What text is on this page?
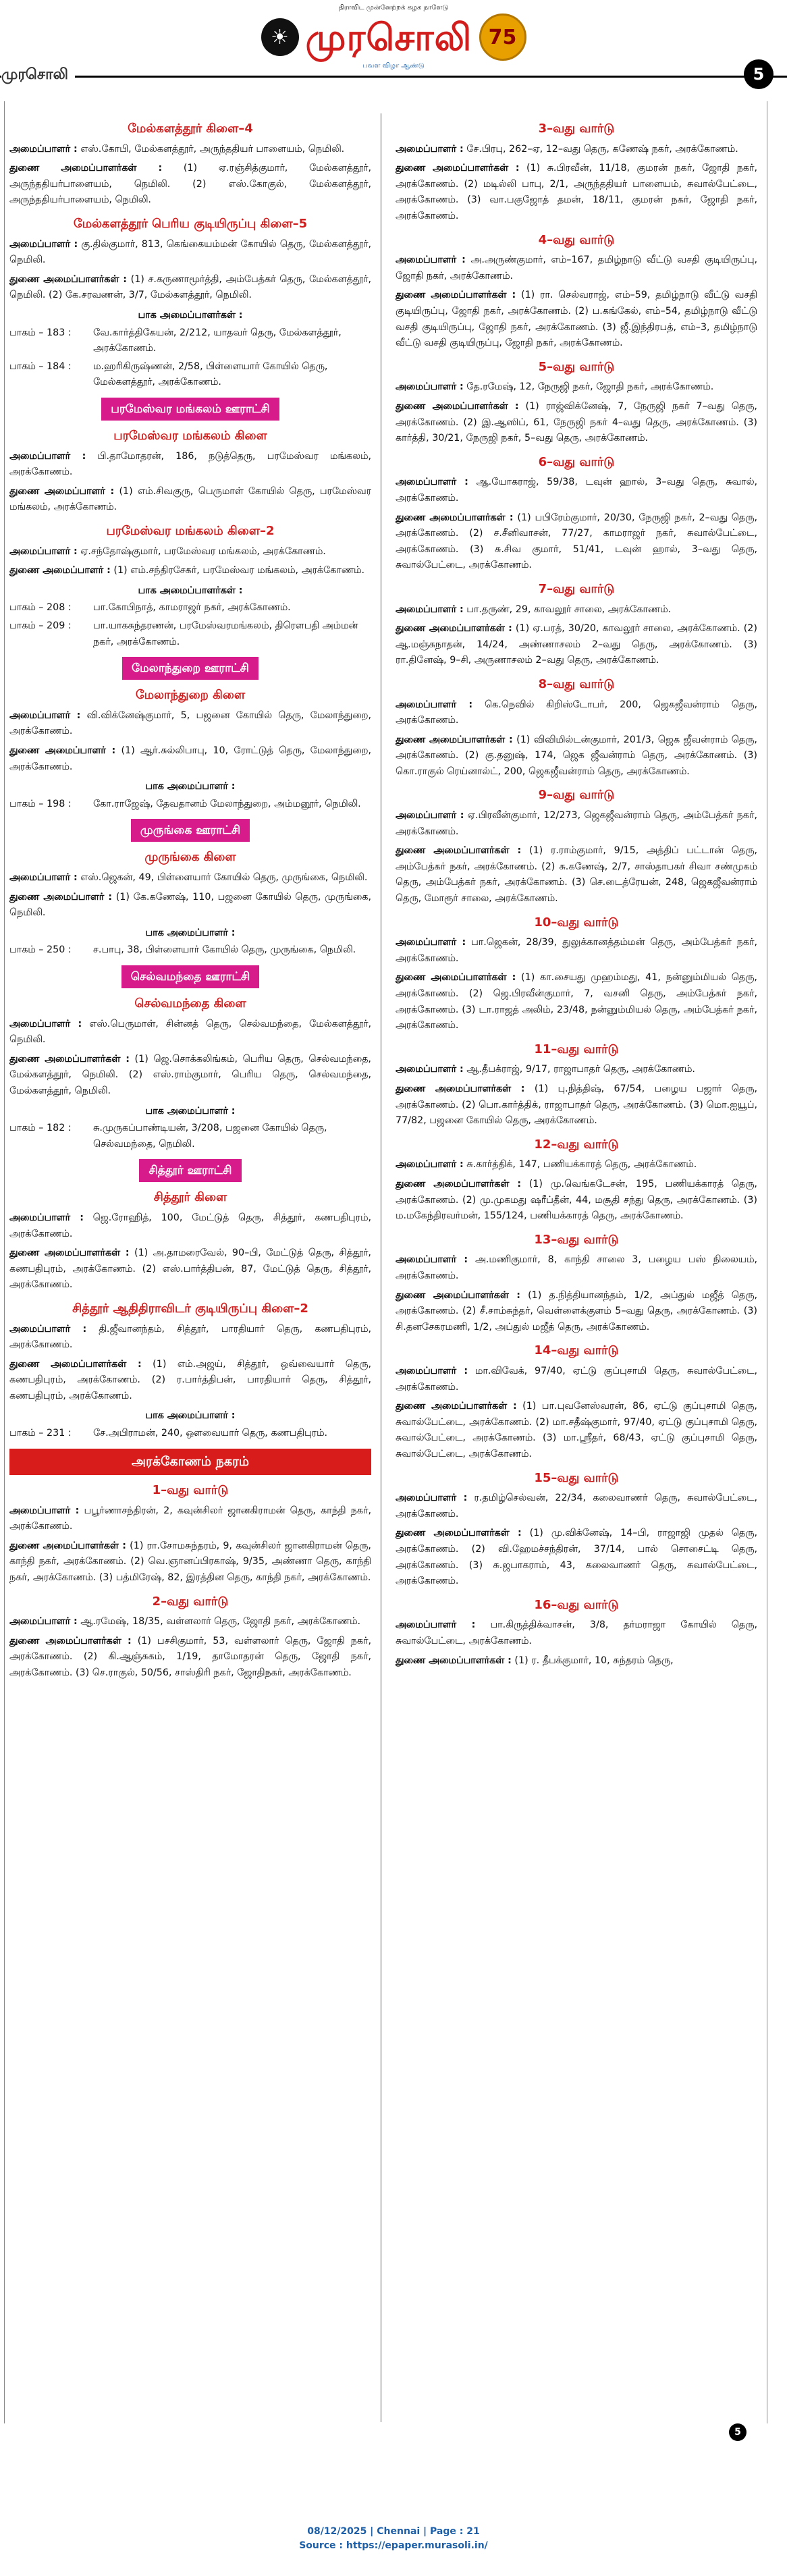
திராவிட முன்னேற்றக் கழக நாளேடு
☀ முரசொலி 75
பவள விழா ஆண்டு
முரசொலி	5
மேல்களத்தூர் கிளை–4
அமைப்பாளர் : எஸ்.கோபி, மேல்களத்தூர், அருந்ததியர் பாளையம், நெமிலி.
துணை அமைப்பாளர்கள் : (1) ஏ.ரஞ்சித்குமார், மேல்களத்தூர், அருந்ததியர்பாளையம், நெமிலி. (2) எஸ்.கோகுல், மேல்களத்தூர், அருந்ததியர்பாளையம், நெமிலி.
மேல்களத்தூர் பெரிய குடியிருப்பு கிளை–5
அமைப்பாளர் : கு.தில்குமார், 813, கெங்கையம்மன் கோயில் தெரு, மேல்களத்தூர், நெமிலி.
துணை அமைப்பாளர்கள் : (1) ச.கருணாமூர்த்தி, அம்பேத்கர் தெரு, மேல்களத்தூர், நெமிலி. (2) கே.சரவணன், 3/7, மேல்களத்தூர், நெமிலி.
பாக அமைப்பாளர்கள் :
பாகம் – 183 :	வே.கார்த்திகேயன், 2/212, யாதவர் தெரு, மேல்களத்தூர், அரக்கோணம்.
பாகம் – 184 :	ம.ஹரிகிருஷ்ணன், 2/58, பிள்ளையார் கோயில் தெரு, மேல்களத்தூர், அரக்கோணம்.
பரமேஸ்வர மங்கலம் ஊராட்சி
பரமேஸ்வர மங்கலம் கிளை
அமைப்பாளர் : பி.தாமோதரன், 186, நடுத்தெரு, பரமேஸ்வர மங்கலம், அரக்கோணம்.
துணை அமைப்பாளர் : (1) எம்.சிவகுரு, பெருமாள் கோயில் தெரு, பரமேஸ்வர மங்கலம், அரக்கோணம்.
பரமேஸ்வர மங்கலம் கிளை–2
அமைப்பாளர் : ஏ.சந்தோஷ்குமார், பரமேஸ்வர மங்கலம், அரக்கோணம்.
துணை அமைப்பாளர் : (1) எம்.சந்திரசேகர், பரமேஸ்வர மங்கலம், அரக்கோணம்.
பாக அமைப்பாளர்கள் :
பாகம் – 208 :	பா.கோபிநாத், காமராஜர் நகர், அரக்கோணம்.
பாகம் – 209 :	பா.யாகசுந்தரணன், பரமேஸ்வரமங்கலம், திரௌபதி அம்மன் நகர், அரக்கோணம்.
மேலாந்துறை ஊராட்சி
மேலாந்துறை கிளை
அமைப்பாளர் : வி.விக்னேஷ்குமார், 5, பஜனை கோயில் தெரு, மேலாந்துறை, அரக்கோணம்.
துணை அமைப்பாளர் : (1) ஆர்.சுல்லிபாபு, 10, ரோட்டுத் தெரு, மேலாந்துறை, அரக்கோணம்.
பாக அமைப்பாளர் :
பாகம் – 198 :	கோ.ராஜேஷ், தேவதானம் மேலாந்துறை, அம்மனூர், நெமிலி.
முருங்கை ஊராட்சி
முருங்கை கிளை
அமைப்பாளர் : எஸ்.ஜெகன், 49, பிள்ளையார் கோயில் தெரு, முருங்கை, நெமிலி.
துணை அமைப்பாளர் : (1) கே.கணேஷ், 110, பஜனை கோயில் தெரு, முருங்கை, நெமிலி.
பாக அமைப்பாளர் :
பாகம் – 250 :	ச.பாபு, 38, பிள்ளையார் கோயில் தெரு, முருங்கை, நெமிலி.
செல்வமந்தை ஊராட்சி
செல்வமந்தை கிளை
அமைப்பாளர் : எஸ்.பெருமாள், சின்னத் தெரு, செல்வமந்தை, மேல்களத்தூர், நெமிலி.
துணை அமைப்பாளர்கள் : (1) ஜெ.சொக்கலிங்கம், பெரிய தெரு, செல்வமந்தை, மேல்களத்தூர், நெமிலி. (2) எஸ்.ராம்குமார், பெரிய தெரு, செல்வமந்தை, மேல்களத்தூர், நெமிலி.
பாக அமைப்பாளர் :
பாகம் – 182 :	சு.முருகப்பாண்டியன், 3/208, பஜனை கோயில் தெரு, செல்வமந்தை, நெமிலி.
சித்தூர் ஊராட்சி
சித்தூர் கிளை
அமைப்பாளர் : ஜெ.ரோஹித், 100, மேட்டுத் தெரு, சித்தூர், கணபதிபுரம், அரக்கோணம்.
துணை அமைப்பாளர்கள் : (1) அ.தாமரைவேல், 90–பி, மேட்டுத் தெரு, சித்தூர், கணபதிபுரம், அரக்கோணம். (2) எஸ்.பார்த்திபன், 87, மேட்டுத் தெரு, சித்தூர், அரக்கோணம்.
சித்தூர் ஆதிதிராவிடர் குடியிருப்பு கிளை–2
அமைப்பாளர் : தி.ஜீவானந்தம், சித்தூர், பாரதியார் தெரு, கணபதிபுரம், அரக்கோணம்.
துணை அமைப்பாளர்கள் : (1) எம்.அஜய், சித்தூர், ஒவ்வையார் தெரு, கணபதிபுரம், அரக்கோணம். (2) ர.பார்த்திபன், பாரதியார் தெரு, சித்தூர், கணபதிபுரம், அரக்கோணம்.
பாக அமைப்பாளர் :
பாகம் – 231 :	சே.அபிராமன், 240, ஔவையார் தெரு, கணபதிபுரம்.
அரக்கோணம் நகரம்
1–வது வார்டு
அமைப்பாளர் : பபூர்ணாசந்திரன், 2, கவுன்சிலர் ஜானகிராமன் தெரு, காந்தி நகர், அரக்கோணம்.
துணை அமைப்பாளர்கள் : (1) ரா.சோமசுந்தரம், 9, கவுன்சிலர் ஜானகிராமன் தெரு, காந்தி நகர், அரக்கோணம். (2) வெ.ஞானப்பிரகாஷ், 9/35, அண்ணா தெரு, காந்தி நகர், அரக்கோணம். (3) பத்மிரேஷ், 82, இரத்தின தெரு, காந்தி நகர், அரக்கோணம்.
2–வது வார்டு
அமைப்பாளர் : ஆ.ரமேஷ், 18/35, வள்ளலார் தெரு, ஜோதி நகர், அரக்கோணம்.
துணை அமைப்பாளர்கள் : (1) பசசிகுமார், 53, வள்ளலார் தெரு, ஜோதி நகர், அரக்கோணம். (2) கி.ஆஞ்சுகம், 1/19, தாமோதரன் தெரு, ஜோதி நகர், அரக்கோணம். (3) செ.ராகுல், 50/56, சாஸ்திரி நகர், ஜோதிநகர், அரக்கோணம்.
3–வது வார்டு
அமைப்பாளர் : சே.பிரபு, 262–ஏ, 12–வது தெரு, கணேஷ் நகர், அரக்கோணம்.
துணை அமைப்பாளர்கள் : (1) சு.பிரவீன், 11/18, குமரன் நகர், ஜோதி நகர், அரக்கோணம். (2) மடில்லி பாபு, 2/1, அருந்ததியர் பாளையம், சுவால்பேட்டை, அரக்கோணம். (3) வா.பகுஜோத் தமன், 18/11, குமரன் நகர், ஜோதி நகர், அரக்கோணம்.
4–வது வார்டு
அமைப்பாளர் : அ.அருண்குமார், எம்–167, தமிழ்நாடு வீட்டு வசதி குடியிருப்பு, ஜோதி நகர், அரக்கோணம்.
துணை அமைப்பாளர்கள் : (1) ரா. செல்வராஜ், எம்–59, தமிழ்நாடு வீட்டு வசதி குடியிருப்பு, ஜோதி நகர், அரக்கோணம். (2) ப.கங்கேல், எம்–54, தமிழ்நாடு வீட்டு வசதி குடியிருப்பு, ஜோதி நகர், அரக்கோணம். (3) ஜீ.இந்திரபத், எம்–3, தமிழ்நாடு வீட்டு வசதி குடியிருப்பு, ஜோதி நகர், அரக்கோணம்.
5–வது வார்டு
அமைப்பாளர் : தே.ரமேஷ், 12, நேருஜி நகர், ஜோதி நகர், அரக்கோணம்.
துணை அமைப்பாளர்கள் : (1) ராஜ்விக்னேஷ், 7, நேருஜி நகர் 7–வது தெரு, அரக்கோணம். (2) இ.ஆஸிப், 61, நேருஜி நகர் 4–வது தெரு, அரக்கோணம். (3) கார்த்தி, 30/21, நேருஜி நகர், 5–வது தெரு, அரக்கோணம்.
6–வது வார்டு
அமைப்பாளர் : ஆ.யோகராஜ், 59/38, டவுன் ஹால், 3–வது தெரு, சுவால், அரக்கோணம்.
துணை அமைப்பாளர்கள் : (1) பபிரேம்குமார், 20/30, நேருஜி நகர், 2–வது தெரு, அரக்கோணம். (2) ச.சீனிவாசன், 77/27, காமராஜர் நகர், சுவால்பேட்டை, அரக்கோணம். (3) சு.சிவ குமார், 51/41, டவுன் ஹால், 3–வது தெரு, சுவால்பேட்டை, அரக்கோணம்.
7–வது வார்டு
அமைப்பாளர் : பா.தருண், 29, காவலூர் சாலை, அரக்கோணம்.
துணை அமைப்பாளர்கள் : (1) ஏ.பரத், 30/20, காவலூர் சாலை, அரக்கோணம். (2) ஆ.மஞ்சுநாதன், 14/24, அண்ணாசலம் 2–வது தெரு, அரக்கோணம். (3) ரா.தினேஷ், 9–சி, அருணாசலம் 2–வது தெரு, அரக்கோணம்.
8–வது வார்டு
அமைப்பாளர் : கெ.நெவில் கிறிஸ்டோபர், 200, ஜெகஜீவன்ராம் தெரு, அரக்கோணம்.
துணை அமைப்பாளர்கள் : (1) விவிமில்டன்குமார், 201/3, ஜெக ஜீவன்ராம் தெரு, அரக்கோணம். (2) கு.தனுஷ், 174, ஜெக ஜீவன்ராம் தெரு, அரக்கோணம். (3) கொ.ராகுல் ரெய்னால்ட், 200, ஜெகஜீவன்ராம் தெரு, அரக்கோணம்.
9–வது வார்டு
அமைப்பாளர் : ஏ.பிரவீன்குமார், 12/273, ஜெகஜீவன்ராம் தெரு, அம்பேத்கர் நகர், அரக்கோணம்.
துணை அமைப்பாளர்கள் : (1) ர.ராம்குமார், 9/15, அத்திப் பட்டான் தெரு, அம்பேத்கர் நகர், அரக்கோணம். (2) சு.கணேஷ், 2/7, சாஸ்தாபகர் சிவா சண்முகம் தெரு, அம்பேத்கர் நகர், அரக்கோணம். (3) செ.டைத்ரேயன், 248, ஜெகஜீவன்ராம் தெரு, மோரூர் சாலை, அரக்கோணம்.
10–வது வார்டு
அமைப்பாளர் : பா.ஜெகன், 28/39, துலுக்கானத்தம்மன் தெரு, அம்பேத்கர் நகர், அரக்கோணம்.
துணை அமைப்பாளர்கள் : (1) கா.சையது முஹம்மது, 41, நன்னும்மியல் தெரு, அரக்கோணம். (2) ஜெ.பிரவீன்குமார், 7, வசனி தெரு, அம்பேத்கர் நகர், அரக்கோணம். (3) டா.ராஜத் அலிம், 23/48, நன்னும்மியல் தெரு, அம்பேத்கர் நகர், அரக்கோணம்.
11–வது வார்டு
அமைப்பாளர் : ஆ.தீபக்ராஜ், 9/17, ராஜாபாதர் தெரு, அரக்கோணம்.
துணை அமைப்பாளர்கள் : (1) பு.நித்திஷ், 67/54, பழைய பஜார் தெரு, அரக்கோணம். (2) பொ.கார்த்திக், ராஜாபாதர் தெரு, அரக்கோணம். (3) மொ.ஐயூப், 77/82, பஜனை கோயில் தெரு, அரக்கோணம்.
12–வது வார்டு
அமைப்பாளர் : சு.கார்த்திக், 147, பணியக்காரத் தெரு, அரக்கோணம்.
துணை அமைப்பாளர்கள் : (1) மு.வெங்கடேசன், 195, பணியக்காரத் தெரு, அரக்கோணம். (2) மு.முகமது ஷரீப்தீன், 44, மசூதி சந்து தெரு, அரக்கோணம். (3) ம.மகேந்திரவர்மன், 155/124, பணியக்காரத் தெரு, அரக்கோணம்.
13–வது வார்டு
அமைப்பாளர் : அ.மணிகுமார், 8, காந்தி சாலை 3, பழைய பஸ் நிலையம், அரக்கோணம்.
துணை அமைப்பாளர்கள் : (1) த.நித்தியானந்தம், 1/2, அப்துல் மஜீத் தெரு, அரக்கோணம். (2) சீ.சாம்சுந்தர், வெள்ளைக்குளம் 5–வது தெரு, அரக்கோணம். (3) சி.தனசேகரமணி, 1/2, அப்துல் மஜீத் தெரு, அரக்கோணம்.
14–வது வார்டு
அமைப்பாளர் : மா.விவேக், 97/40, ஏட்டு குப்புசாமி தெரு, சுவால்பேட்டை, அரக்கோணம்.
துணை அமைப்பாளர்கள் : (1) பா.புவனேஸ்வரன், 86, ஏட்டு குப்புசாமி தெரு, சுவால்பேட்டை, அரக்கோணம். (2) மா.சதீஷ்குமார், 97/40, ஏட்டு குப்புசாமி தெரு, சுவால்பேட்டை, அரக்கோணம். (3) மா.ஸ்ரீதர், 68/43, ஏட்டு குப்புசாமி தெரு, சுவால்பேட்டை, அரக்கோணம்.
15–வது வார்டு
அமைப்பாளர் : ர.தமிழ்செல்வன், 22/34, கலைவாணர் தெரு, சுவால்பேட்டை, அரக்கோணம்.
துணை அமைப்பாளர்கள் : (1) மு.விக்னேஷ், 14–பி, ராஜாஜி முதல் தெரு, அரக்கோணம். (2) வி.ஹேமச்சந்திரன், 37/14, பால் சொசைட்டி தெரு, அரக்கோணம். (3) சு.ஜபாகராம், 43, கலைவாணர் தெரு, சுவால்பேட்டை, அரக்கோணம்.
16–வது வார்டு
அமைப்பாளர் : பா.கிருத்திக்வாசன், 3/8, தர்மராஜா கோயில் தெரு, சுவால்பேட்டை, அரக்கோணம்.
துணை அமைப்பாளர்கள் : (1) ர. தீபக்குமார், 10, சுந்தரம் தெரு,
5
08/12/2025 | Chennai | Page : 21
Source : https://epaper.murasoli.in/
